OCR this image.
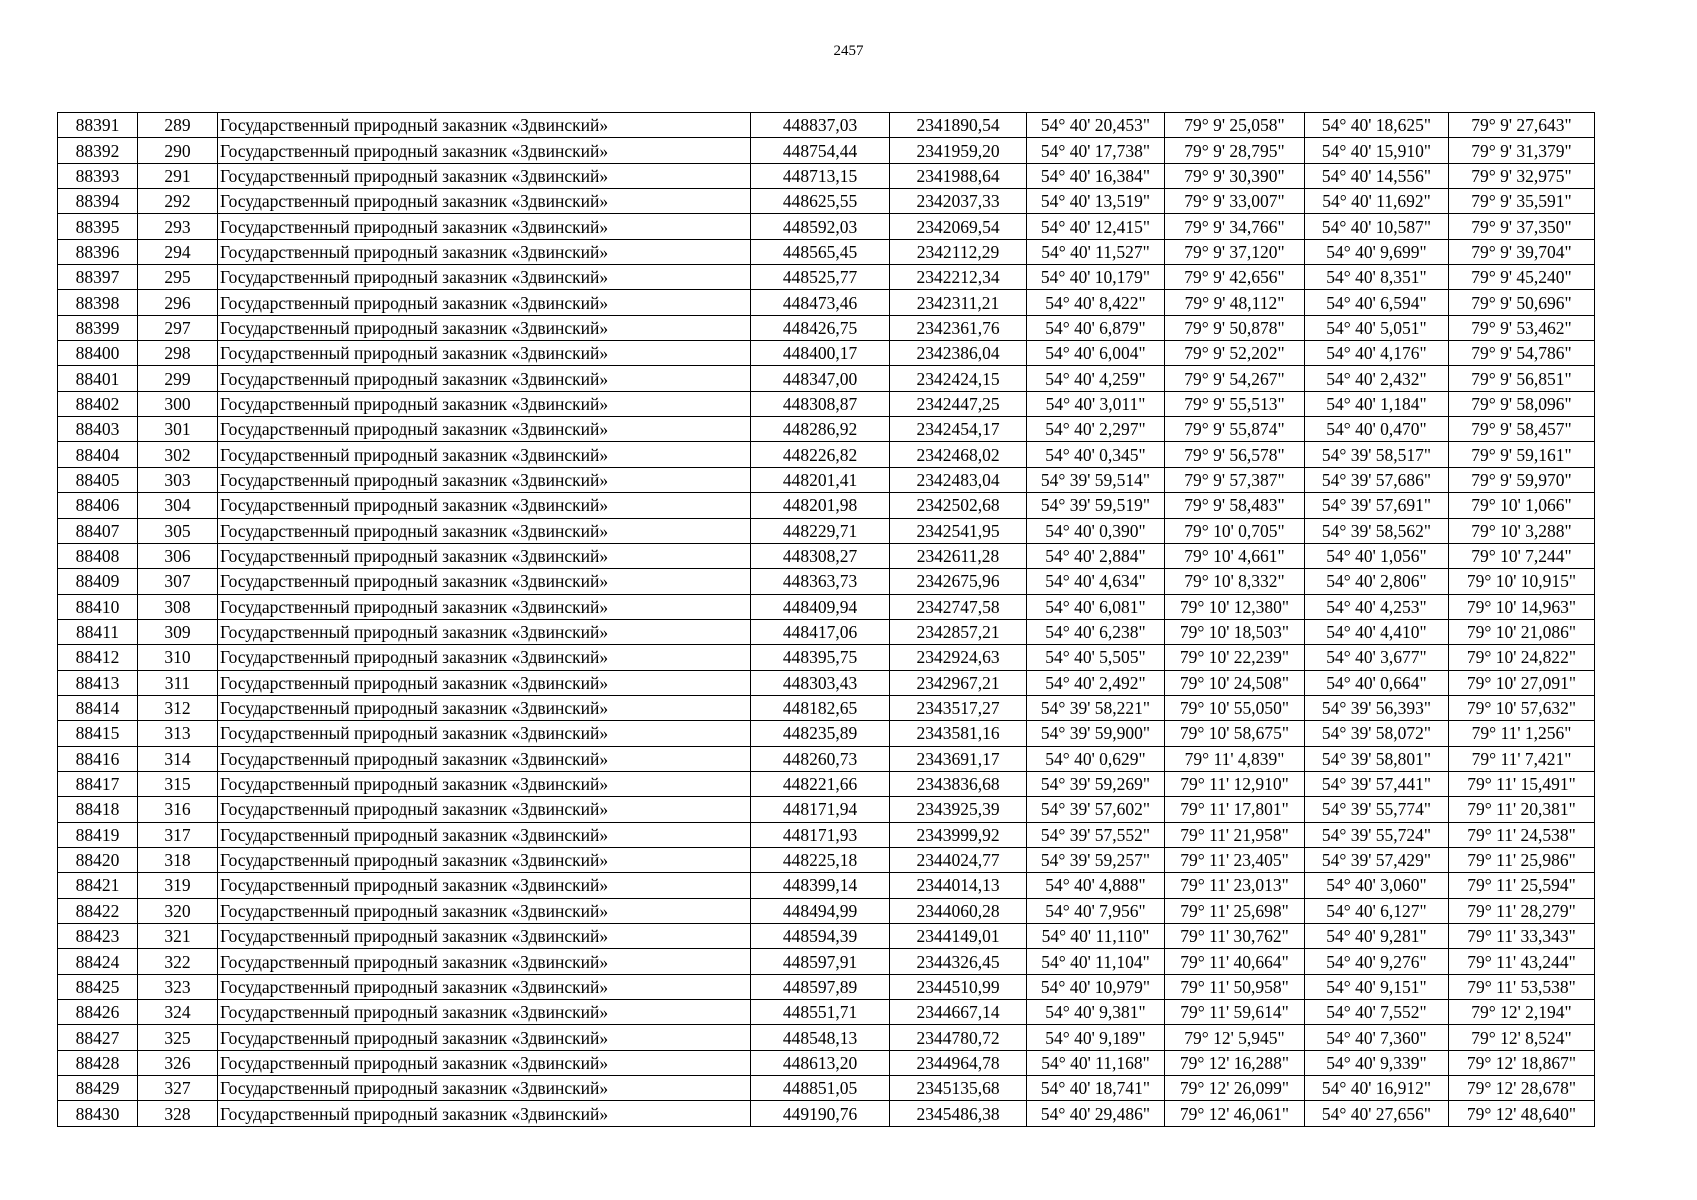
2457
88391	289	Государственный природный заказник «Здвинский»	448837,03	2341890,54	54° 40' 20,453"	79° 9' 25,058"	54° 40' 18,625"	79° 9' 27,643"
88392	290	Государственный природный заказник «Здвинский»	448754,44	2341959,20	54° 40' 17,738"	79° 9' 28,795"	54° 40' 15,910"	79° 9' 31,379"
88393	291	Государственный природный заказник «Здвинский»	448713,15	2341988,64	54° 40' 16,384"	79° 9' 30,390"	54° 40' 14,556"	79° 9' 32,975"
88394	292	Государственный природный заказник «Здвинский»	448625,55	2342037,33	54° 40' 13,519"	79° 9' 33,007"	54° 40' 11,692"	79° 9' 35,591"
88395	293	Государственный природный заказник «Здвинский»	448592,03	2342069,54	54° 40' 12,415"	79° 9' 34,766"	54° 40' 10,587"	79° 9' 37,350"
88396	294	Государственный природный заказник «Здвинский»	448565,45	2342112,29	54° 40' 11,527"	79° 9' 37,120"	54° 40' 9,699"	79° 9' 39,704"
88397	295	Государственный природный заказник «Здвинский»	448525,77	2342212,34	54° 40' 10,179"	79° 9' 42,656"	54° 40' 8,351"	79° 9' 45,240"
88398	296	Государственный природный заказник «Здвинский»	448473,46	2342311,21	54° 40' 8,422"	79° 9' 48,112"	54° 40' 6,594"	79° 9' 50,696"
88399	297	Государственный природный заказник «Здвинский»	448426,75	2342361,76	54° 40' 6,879"	79° 9' 50,878"	54° 40' 5,051"	79° 9' 53,462"
88400	298	Государственный природный заказник «Здвинский»	448400,17	2342386,04	54° 40' 6,004"	79° 9' 52,202"	54° 40' 4,176"	79° 9' 54,786"
88401	299	Государственный природный заказник «Здвинский»	448347,00	2342424,15	54° 40' 4,259"	79° 9' 54,267"	54° 40' 2,432"	79° 9' 56,851"
88402	300	Государственный природный заказник «Здвинский»	448308,87	2342447,25	54° 40' 3,011"	79° 9' 55,513"	54° 40' 1,184"	79° 9' 58,096"
88403	301	Государственный природный заказник «Здвинский»	448286,92	2342454,17	54° 40' 2,297"	79° 9' 55,874"	54° 40' 0,470"	79° 9' 58,457"
88404	302	Государственный природный заказник «Здвинский»	448226,82	2342468,02	54° 40' 0,345"	79° 9' 56,578"	54° 39' 58,517"	79° 9' 59,161"
88405	303	Государственный природный заказник «Здвинский»	448201,41	2342483,04	54° 39' 59,514"	79° 9' 57,387"	54° 39' 57,686"	79° 9' 59,970"
88406	304	Государственный природный заказник «Здвинский»	448201,98	2342502,68	54° 39' 59,519"	79° 9' 58,483"	54° 39' 57,691"	79° 10' 1,066"
88407	305	Государственный природный заказник «Здвинский»	448229,71	2342541,95	54° 40' 0,390"	79° 10' 0,705"	54° 39' 58,562"	79° 10' 3,288"
88408	306	Государственный природный заказник «Здвинский»	448308,27	2342611,28	54° 40' 2,884"	79° 10' 4,661"	54° 40' 1,056"	79° 10' 7,244"
88409	307	Государственный природный заказник «Здвинский»	448363,73	2342675,96	54° 40' 4,634"	79° 10' 8,332"	54° 40' 2,806"	79° 10' 10,915"
88410	308	Государственный природный заказник «Здвинский»	448409,94	2342747,58	54° 40' 6,081"	79° 10' 12,380"	54° 40' 4,253"	79° 10' 14,963"
88411	309	Государственный природный заказник «Здвинский»	448417,06	2342857,21	54° 40' 6,238"	79° 10' 18,503"	54° 40' 4,410"	79° 10' 21,086"
88412	310	Государственный природный заказник «Здвинский»	448395,75	2342924,63	54° 40' 5,505"	79° 10' 22,239"	54° 40' 3,677"	79° 10' 24,822"
88413	311	Государственный природный заказник «Здвинский»	448303,43	2342967,21	54° 40' 2,492"	79° 10' 24,508"	54° 40' 0,664"	79° 10' 27,091"
88414	312	Государственный природный заказник «Здвинский»	448182,65	2343517,27	54° 39' 58,221"	79° 10' 55,050"	54° 39' 56,393"	79° 10' 57,632"
88415	313	Государственный природный заказник «Здвинский»	448235,89	2343581,16	54° 39' 59,900"	79° 10' 58,675"	54° 39' 58,072"	79° 11' 1,256"
88416	314	Государственный природный заказник «Здвинский»	448260,73	2343691,17	54° 40' 0,629"	79° 11' 4,839"	54° 39' 58,801"	79° 11' 7,421"
88417	315	Государственный природный заказник «Здвинский»	448221,66	2343836,68	54° 39' 59,269"	79° 11' 12,910"	54° 39' 57,441"	79° 11' 15,491"
88418	316	Государственный природный заказник «Здвинский»	448171,94	2343925,39	54° 39' 57,602"	79° 11' 17,801"	54° 39' 55,774"	79° 11' 20,381"
88419	317	Государственный природный заказник «Здвинский»	448171,93	2343999,92	54° 39' 57,552"	79° 11' 21,958"	54° 39' 55,724"	79° 11' 24,538"
88420	318	Государственный природный заказник «Здвинский»	448225,18	2344024,77	54° 39' 59,257"	79° 11' 23,405"	54° 39' 57,429"	79° 11' 25,986"
88421	319	Государственный природный заказник «Здвинский»	448399,14	2344014,13	54° 40' 4,888"	79° 11' 23,013"	54° 40' 3,060"	79° 11' 25,594"
88422	320	Государственный природный заказник «Здвинский»	448494,99	2344060,28	54° 40' 7,956"	79° 11' 25,698"	54° 40' 6,127"	79° 11' 28,279"
88423	321	Государственный природный заказник «Здвинский»	448594,39	2344149,01	54° 40' 11,110"	79° 11' 30,762"	54° 40' 9,281"	79° 11' 33,343"
88424	322	Государственный природный заказник «Здвинский»	448597,91	2344326,45	54° 40' 11,104"	79° 11' 40,664"	54° 40' 9,276"	79° 11' 43,244"
88425	323	Государственный природный заказник «Здвинский»	448597,89	2344510,99	54° 40' 10,979"	79° 11' 50,958"	54° 40' 9,151"	79° 11' 53,538"
88426	324	Государственный природный заказник «Здвинский»	448551,71	2344667,14	54° 40' 9,381"	79° 11' 59,614"	54° 40' 7,552"	79° 12' 2,194"
88427	325	Государственный природный заказник «Здвинский»	448548,13	2344780,72	54° 40' 9,189"	79° 12' 5,945"	54° 40' 7,360"	79° 12' 8,524"
88428	326	Государственный природный заказник «Здвинский»	448613,20	2344964,78	54° 40' 11,168"	79° 12' 16,288"	54° 40' 9,339"	79° 12' 18,867"
88429	327	Государственный природный заказник «Здвинский»	448851,05	2345135,68	54° 40' 18,741"	79° 12' 26,099"	54° 40' 16,912"	79° 12' 28,678"
88430	328	Государственный природный заказник «Здвинский»	449190,76	2345486,38	54° 40' 29,486"	79° 12' 46,061"	54° 40' 27,656"	79° 12' 48,640"
